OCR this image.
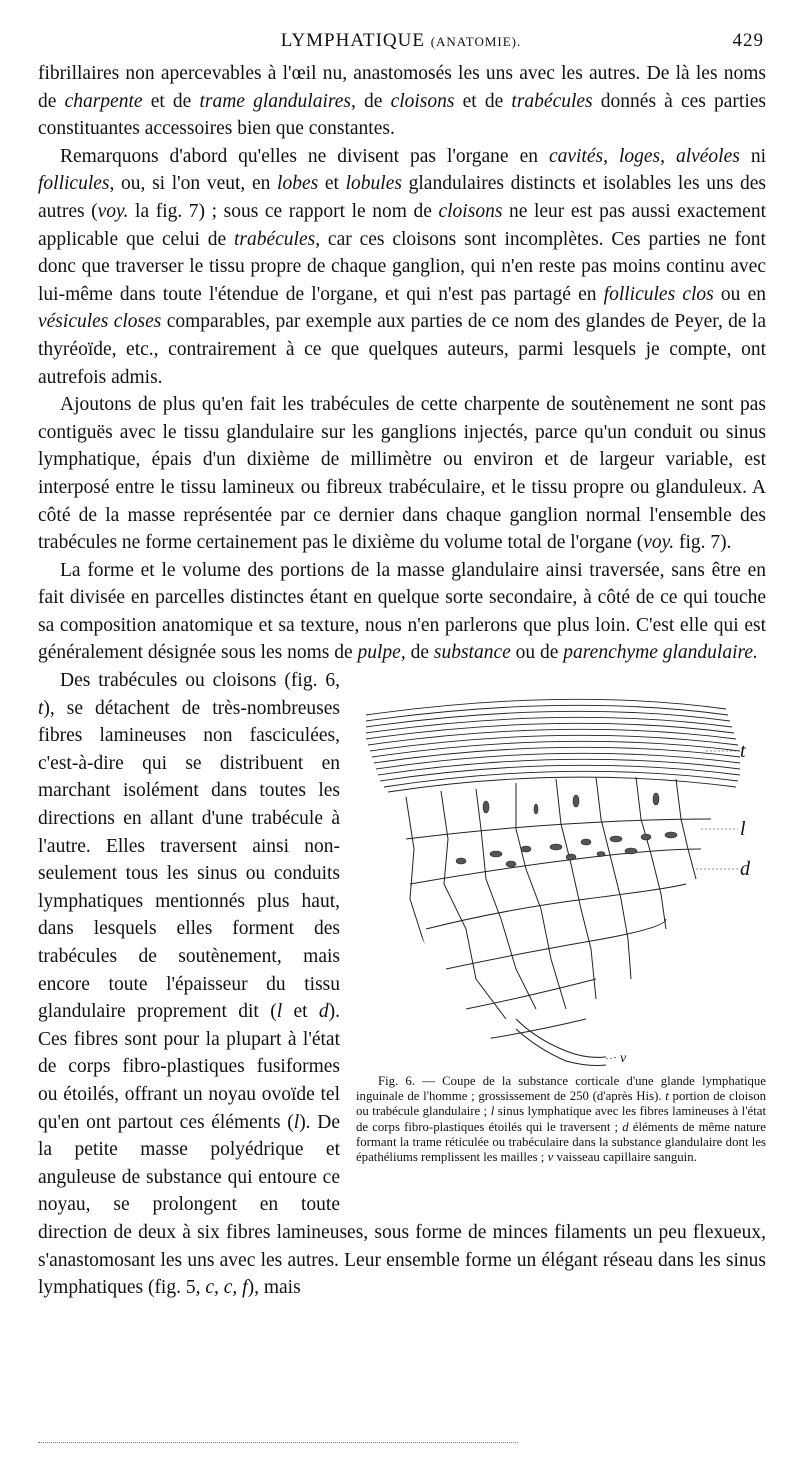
LYMPHATIQUE (ANATOMIE).	429

fibrillaires non apercevables à l'œil nu, anastomosés les uns avec les autres. De là les noms de charpente et de trame glandulaires, de cloisons et de trabécules donnés à ces parties constituantes accessoires bien que constantes.

Remarquons d'abord qu'elles ne divisent pas l'organe en cavités, loges, alvéoles ni follicules, ou, si l'on veut, en lobes et lobules glandulaires distincts et isolables les uns des autres (voy. la fig. 7) ; sous ce rapport le nom de cloisons ne leur est pas aussi exactement applicable que celui de trabécules, car ces cloisons sont incomplètes. Ces parties ne font donc que traverser le tissu propre de chaque ganglion, qui n'en reste pas moins continu avec lui-même dans toute l'étendue de l'organe, et qui n'est pas partagé en follicules clos ou en vésicules closes comparables, par exemple aux parties de ce nom des glandes de Peyer, de la thyréoïde, etc., contrairement à ce que quelques auteurs, parmi lesquels je compte, ont autrefois admis.

Ajoutons de plus qu'en fait les trabécules de cette charpente de soutènement ne sont pas contiguës avec le tissu glandulaire sur les ganglions injectés, parce qu'un conduit ou sinus lymphatique, épais d'un dixième de millimètre ou environ et de largeur variable, est interposé entre le tissu lamineux ou fibreux trabéculaire, et le tissu propre ou glanduleux. A côté de la masse représentée par ce dernier dans chaque ganglion normal l'ensemble des trabécules ne forme certainement pas le dixième du volume total de l'organe (voy. fig. 7).

La forme et le volume des portions de la masse glandulaire ainsi traversée, sans être en fait divisée en parcelles distinctes étant en quelque sorte secondaire, à côté de ce qui touche sa composition anatomique et sa texture, nous n'en parlerons que plus loin. C'est elle qui est généralement désignée sous les noms de pulpe, de substance ou de parenchyme glandulaire.

t
l
d
v
Fig. 6. — Coupe de la substance corticale d'une glande lymphatique inguinale de l'homme ; grossissement de 250 (d'après His). t portion de cloison ou trabécule glandulaire ; l sinus lymphatique avec les fibres lamineuses à l'état de corps fibro-plastiques étoilés qui le traversent ; d éléments de même nature formant la trame réticulée ou trabéculaire dans la substance glandulaire dont les épathéliums remplissent les mailles ; v vaisseau capillaire sanguin.
Des trabécules ou cloisons (fig. 6, t), se détachent de très-nombreuses fibres lamineuses non fasciculées, c'est-à-dire qui se distribuent en marchant isolément dans toutes les directions en allant d'une trabécule à l'autre. Elles traversent ainsi non-seulement tous les sinus ou conduits lymphatiques mentionnés plus haut, dans lesquels elles forment des trabécules de soutènement, mais encore toute l'épaisseur du tissu glandulaire proprement dit (l et d). Ces fibres sont pour la plupart à l'état de corps fibro-plastiques fusiformes ou étoilés, offrant un noyau ovoïde tel qu'en ont partout ces éléments (l). De la petite masse polyédrique et anguleuse de substance qui entoure ce noyau, se prolongent en toute direction de deux à six fibres lamineuses, sous forme de minces filaments un peu flexueux, s'anastomosant les uns avec les autres. Leur ensemble forme un élégant réseau dans les sinus lymphatiques (fig. 5, c, c, f), mais
